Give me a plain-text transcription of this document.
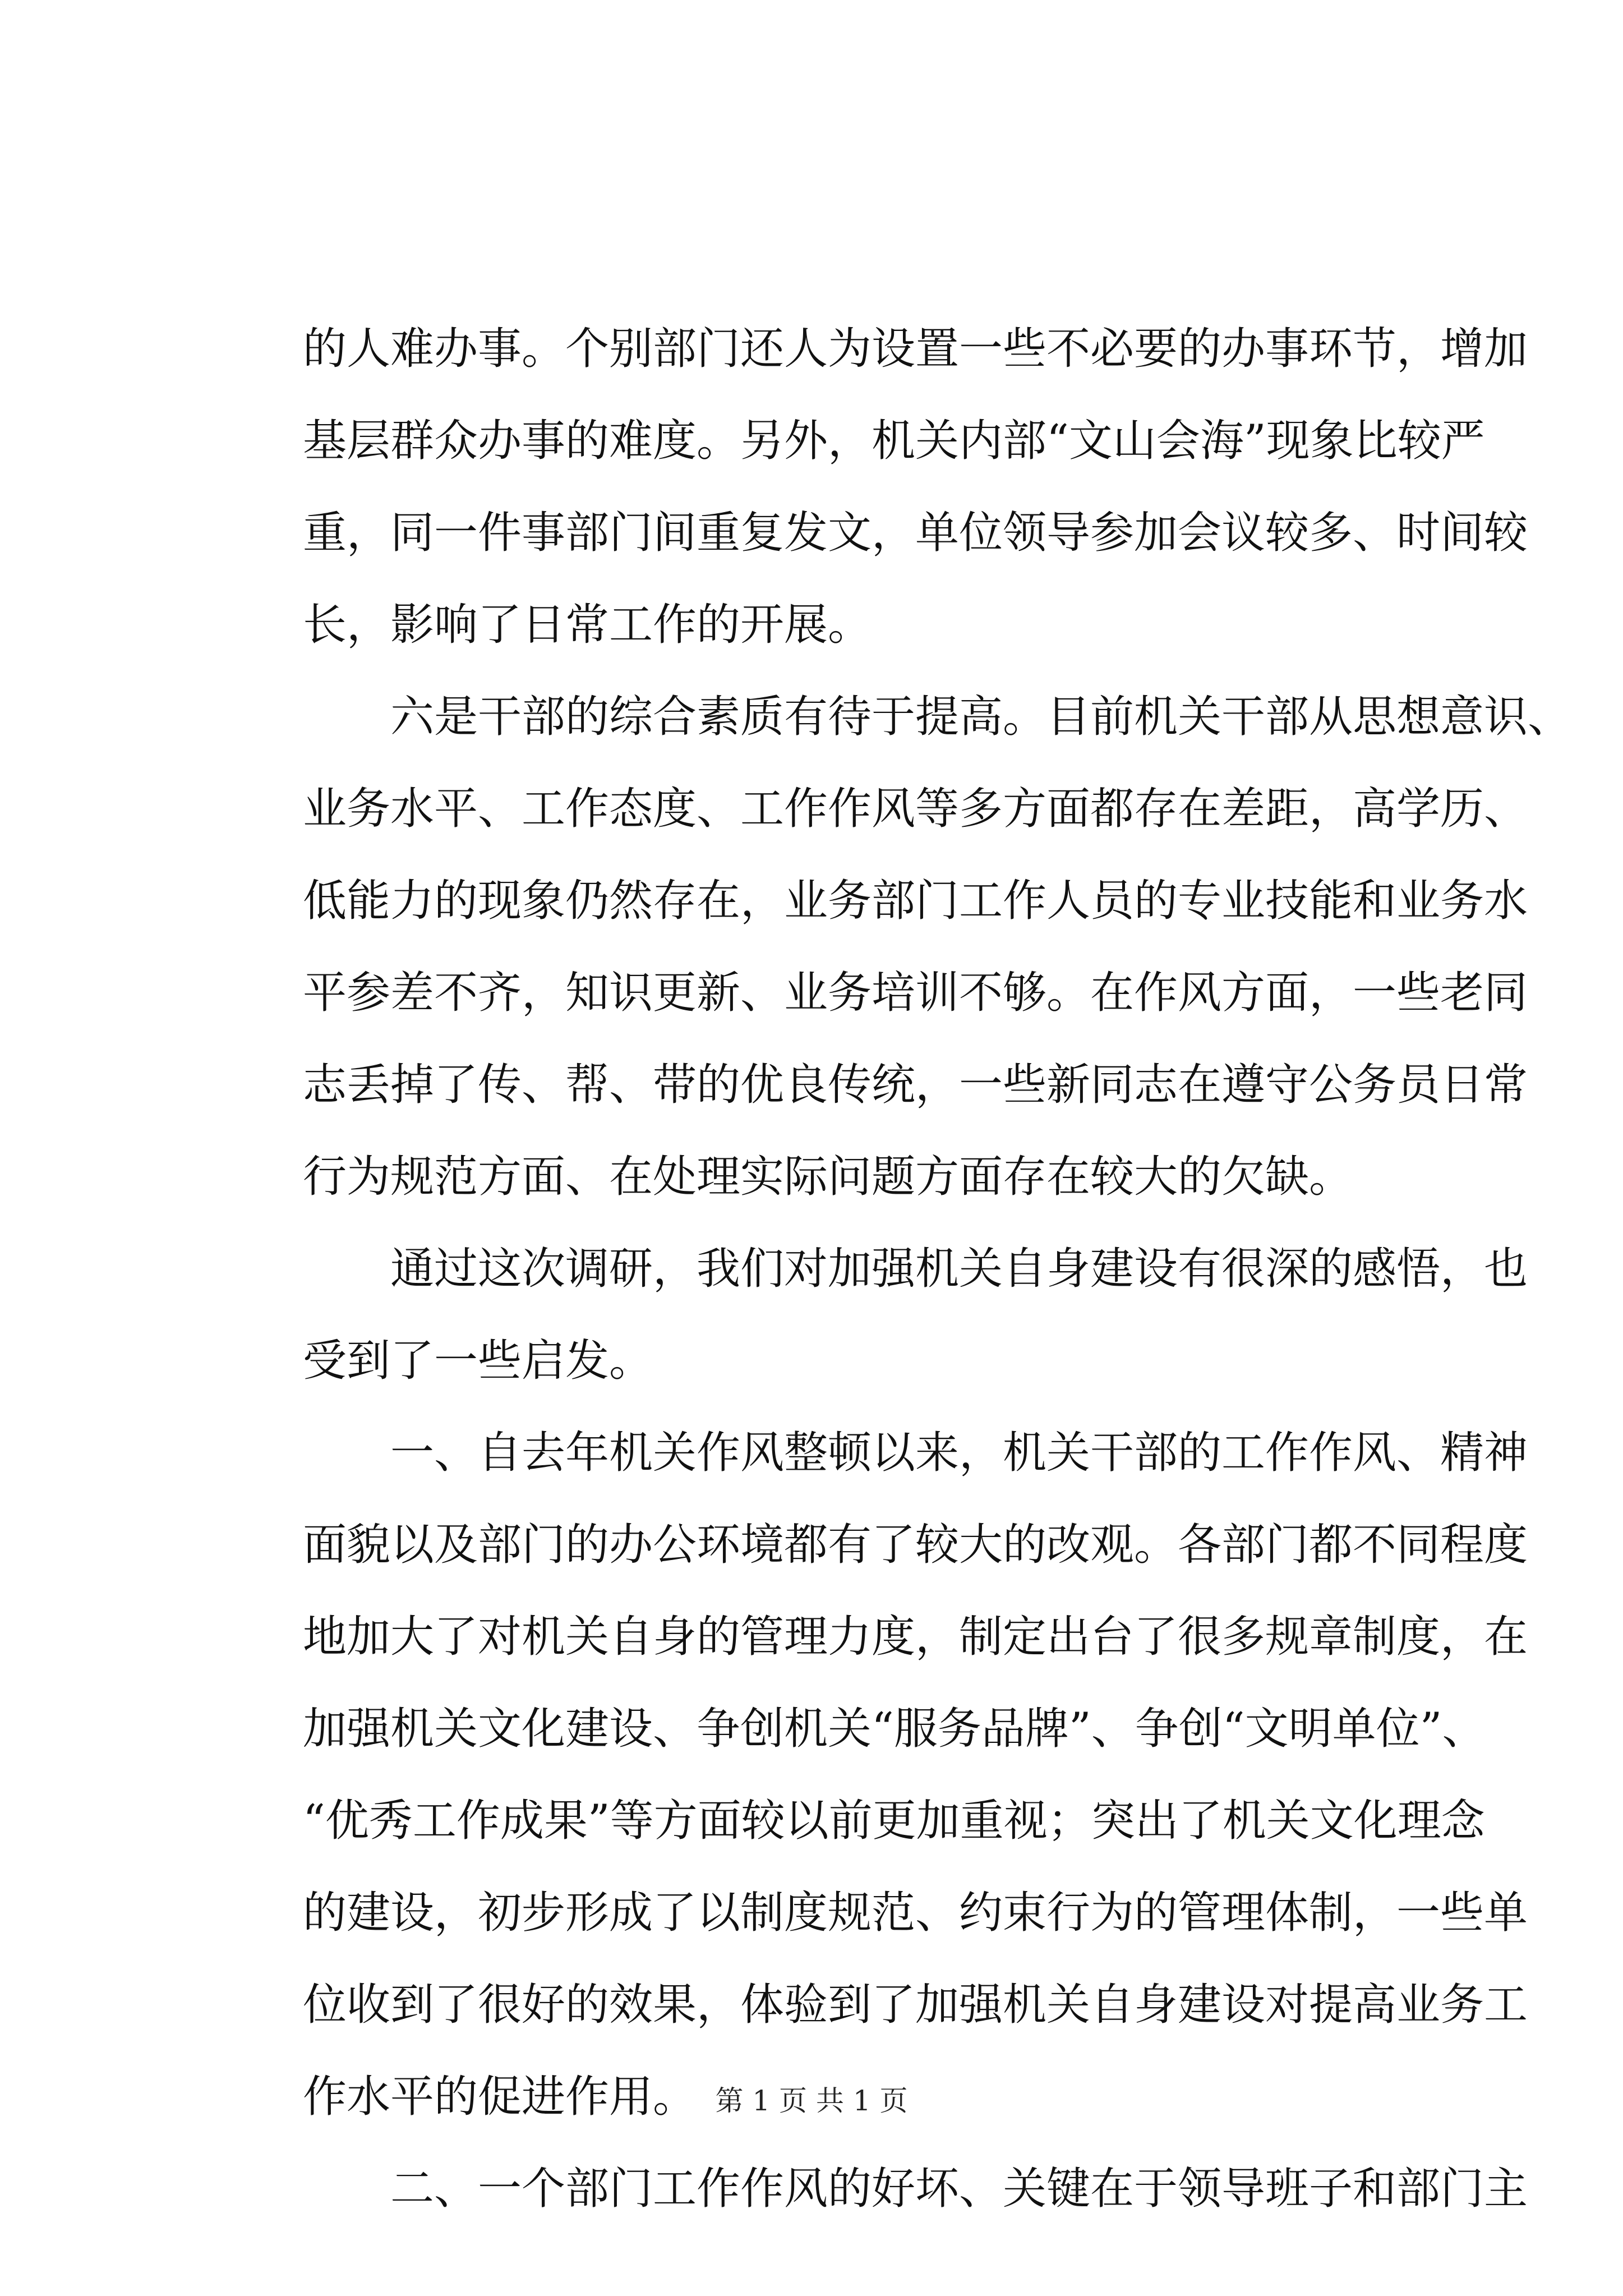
的人难办事。个别部门还人为设置一些不必要的办事环节，增加
基层群众办事的难度。另外，机关内部“文山会海”现象比较严
重，同一件事部门间重复发文，单位领导参加会议较多、时间较
长，影响了日常工作的开展。
六是干部的综合素质有待于提高。目前机关干部从思想意识、
业务水平、工作态度、工作作风等多方面都存在差距，高学历、
低能力的现象仍然存在，业务部门工作人员的专业技能和业务水
平参差不齐，知识更新、业务培训不够。在作风方面，一些老同
志丢掉了传、帮、带的优良传统，一些新同志在遵守公务员日常
行为规范方面、在处理实际问题方面存在较大的欠缺。
通过这次调研，我们对加强机关自身建设有很深的感悟，也
受到了一些启发。
一、自去年机关作风整顿以来，机关干部的工作作风、精神
面貌以及部门的办公环境都有了较大的改观。各部门都不同程度
地加大了对机关自身的管理力度，制定出台了很多规章制度，在
加强机关文化建设、争创机关“服务品牌”、争创“文明单位”、
“优秀工作成果”等方面较以前更加重视；突出了机关文化理念
的建设，初步形成了以制度规范、约束行为的管理体制，一些单
位收到了很好的效果，体验到了加强机关自身建设对提高业务工
作水平的促进作用。
二、一个部门工作作风的好坏、关键在于领导班子和部门主
第 1 页 共 1 页
